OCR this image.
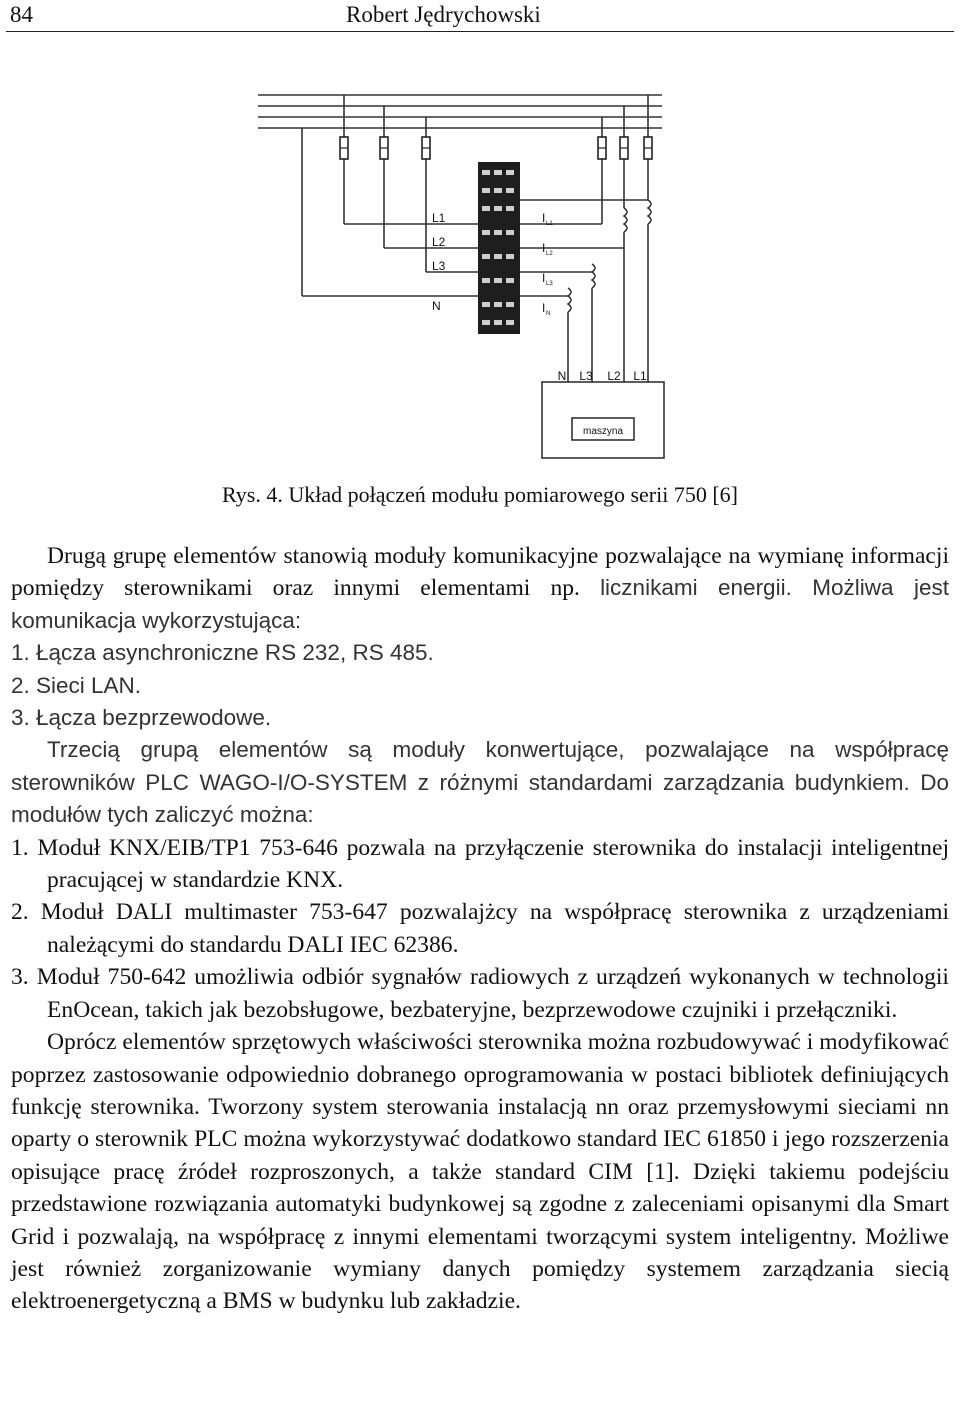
84	Robert Jędrychowski
L1
L2
L3
N
I L1
I L2
I L3
I N
N L3 L2 L1
maszyna
Rys. 4. Układ połączeń modułu pomiarowego serii 750 [6]

Drugą grupę elementów stanowią moduły komunikacyjne pozwalające na wymianę informacji pomiędzy sterownikami oraz innymi elementami np. licznikami energii. Możliwa jest komunikacja wykorzystująca:

1. Łącza asynchroniczne RS 232, RS 485.

2. Sieci LAN.

3. Łącza bezprzewodowe.

Trzecią grupą elementów są moduły konwertujące, pozwalające na współpracę sterowników PLC WAGO-I/O-SYSTEM z różnymi standardami zarządzania budynkiem. Do modułów tych zaliczyć można:

1. Moduł KNX/EIB/TP1 753-646 pozwala na przyłączenie sterownika do instalacji inteligentnej pracującej w standardzie KNX.

2. Moduł DALI multimaster 753-647 pozwalajżcy na współpracę sterownika z urządzeniami należącymi do standardu DALI IEC 62386.

3. Moduł 750-642 umożliwia odbiór sygnałów radiowych z urządzeń wykonanych w technologii EnOcean, takich jak bezobsługowe, bezbateryjne, bezprzewodowe czujniki i przełączniki.

Oprócz elementów sprzętowych właściwości sterownika można rozbudowywać i modyfikować poprzez zastosowanie odpowiednio dobranego oprogramowania w postaci bibliotek definiujących funkcję sterownika. Tworzony system sterowania instalacją nn oraz przemysłowymi sieciami nn oparty o sterownik PLC można wykorzystywać dodatkowo standard IEC 61850 i jego rozszerzenia opisujące pracę źródeł rozproszonych, a także standard CIM [1]. Dzięki takiemu podejściu przedstawione rozwiązania automatyki budynkowej są zgodne z zaleceniami opisanymi dla Smart Grid i pozwalają, na współpracę z innymi elementami tworzącymi system inteligentny. Możliwe jest również zorganizowanie wymiany danych pomiędzy systemem zarządzania siecią elektroenergetyczną a BMS w budynku lub zakładzie.
